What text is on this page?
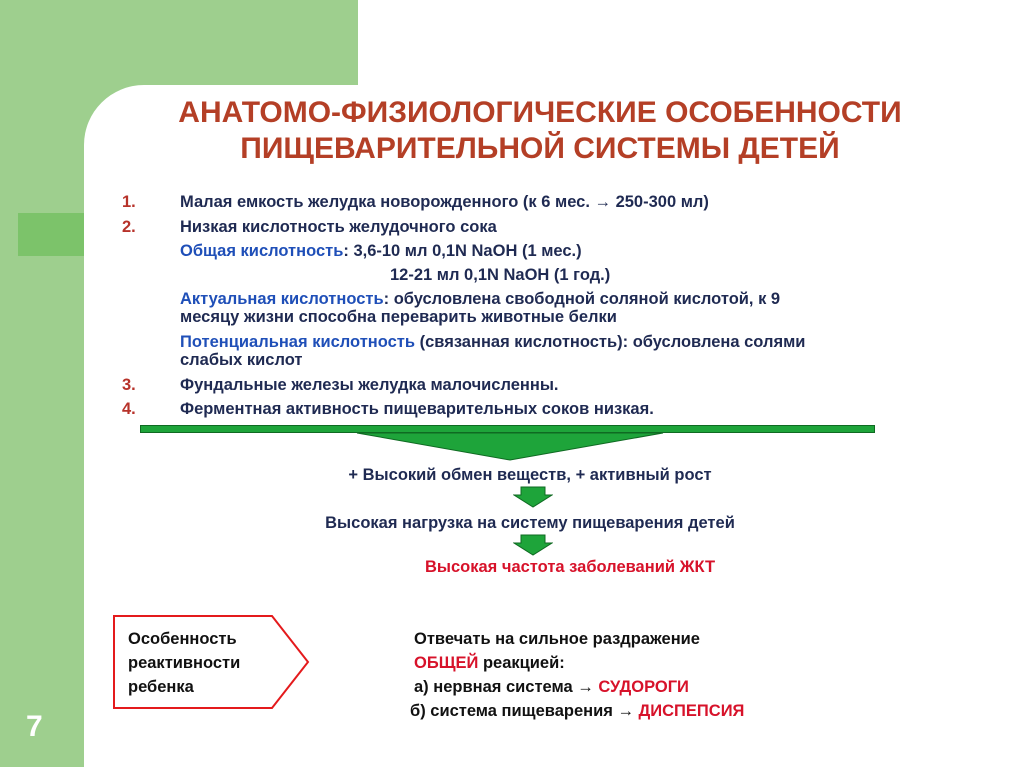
7
АНАТОМО-ФИЗИОЛОГИЧЕСКИЕ ОСОБЕННОСТИ
ПИЩЕВАРИТЕЛЬНОЙ СИСТЕМЫ ДЕТЕЙ
1.	Малая емкость желудка новорожденного (к 6 мес. → 250-300 мл)
2.	Низкая кислотность желудочного сока
Общая кислотность: 3,6-10 мл 0,1N NaOH (1 мес.)
12-21 мл 0,1N NaOH (1 год.)
Актуальная кислотность: обусловлена свободной соляной кислотой, к 9
месяцу жизни способна переварить животные белки
Потенциальная кислотность (связанная кислотность): обусловлена солями
слабых кислот
3.	Фундальные железы желудка малочисленны.
4.	Ферментная активность пищеварительных соков низкая.
+ Высокий обмен веществ, + активный рост
Высокая нагрузка на систему пищеварения детей
Высокая частота заболеваний ЖКТ
Особенность
реактивности
ребенка
Отвечать на сильное раздражение
ОБЩЕЙ реакцией:
а) нервная система → СУДОРОГИ
б) система пищеварения → ДИСПЕПСИЯ
